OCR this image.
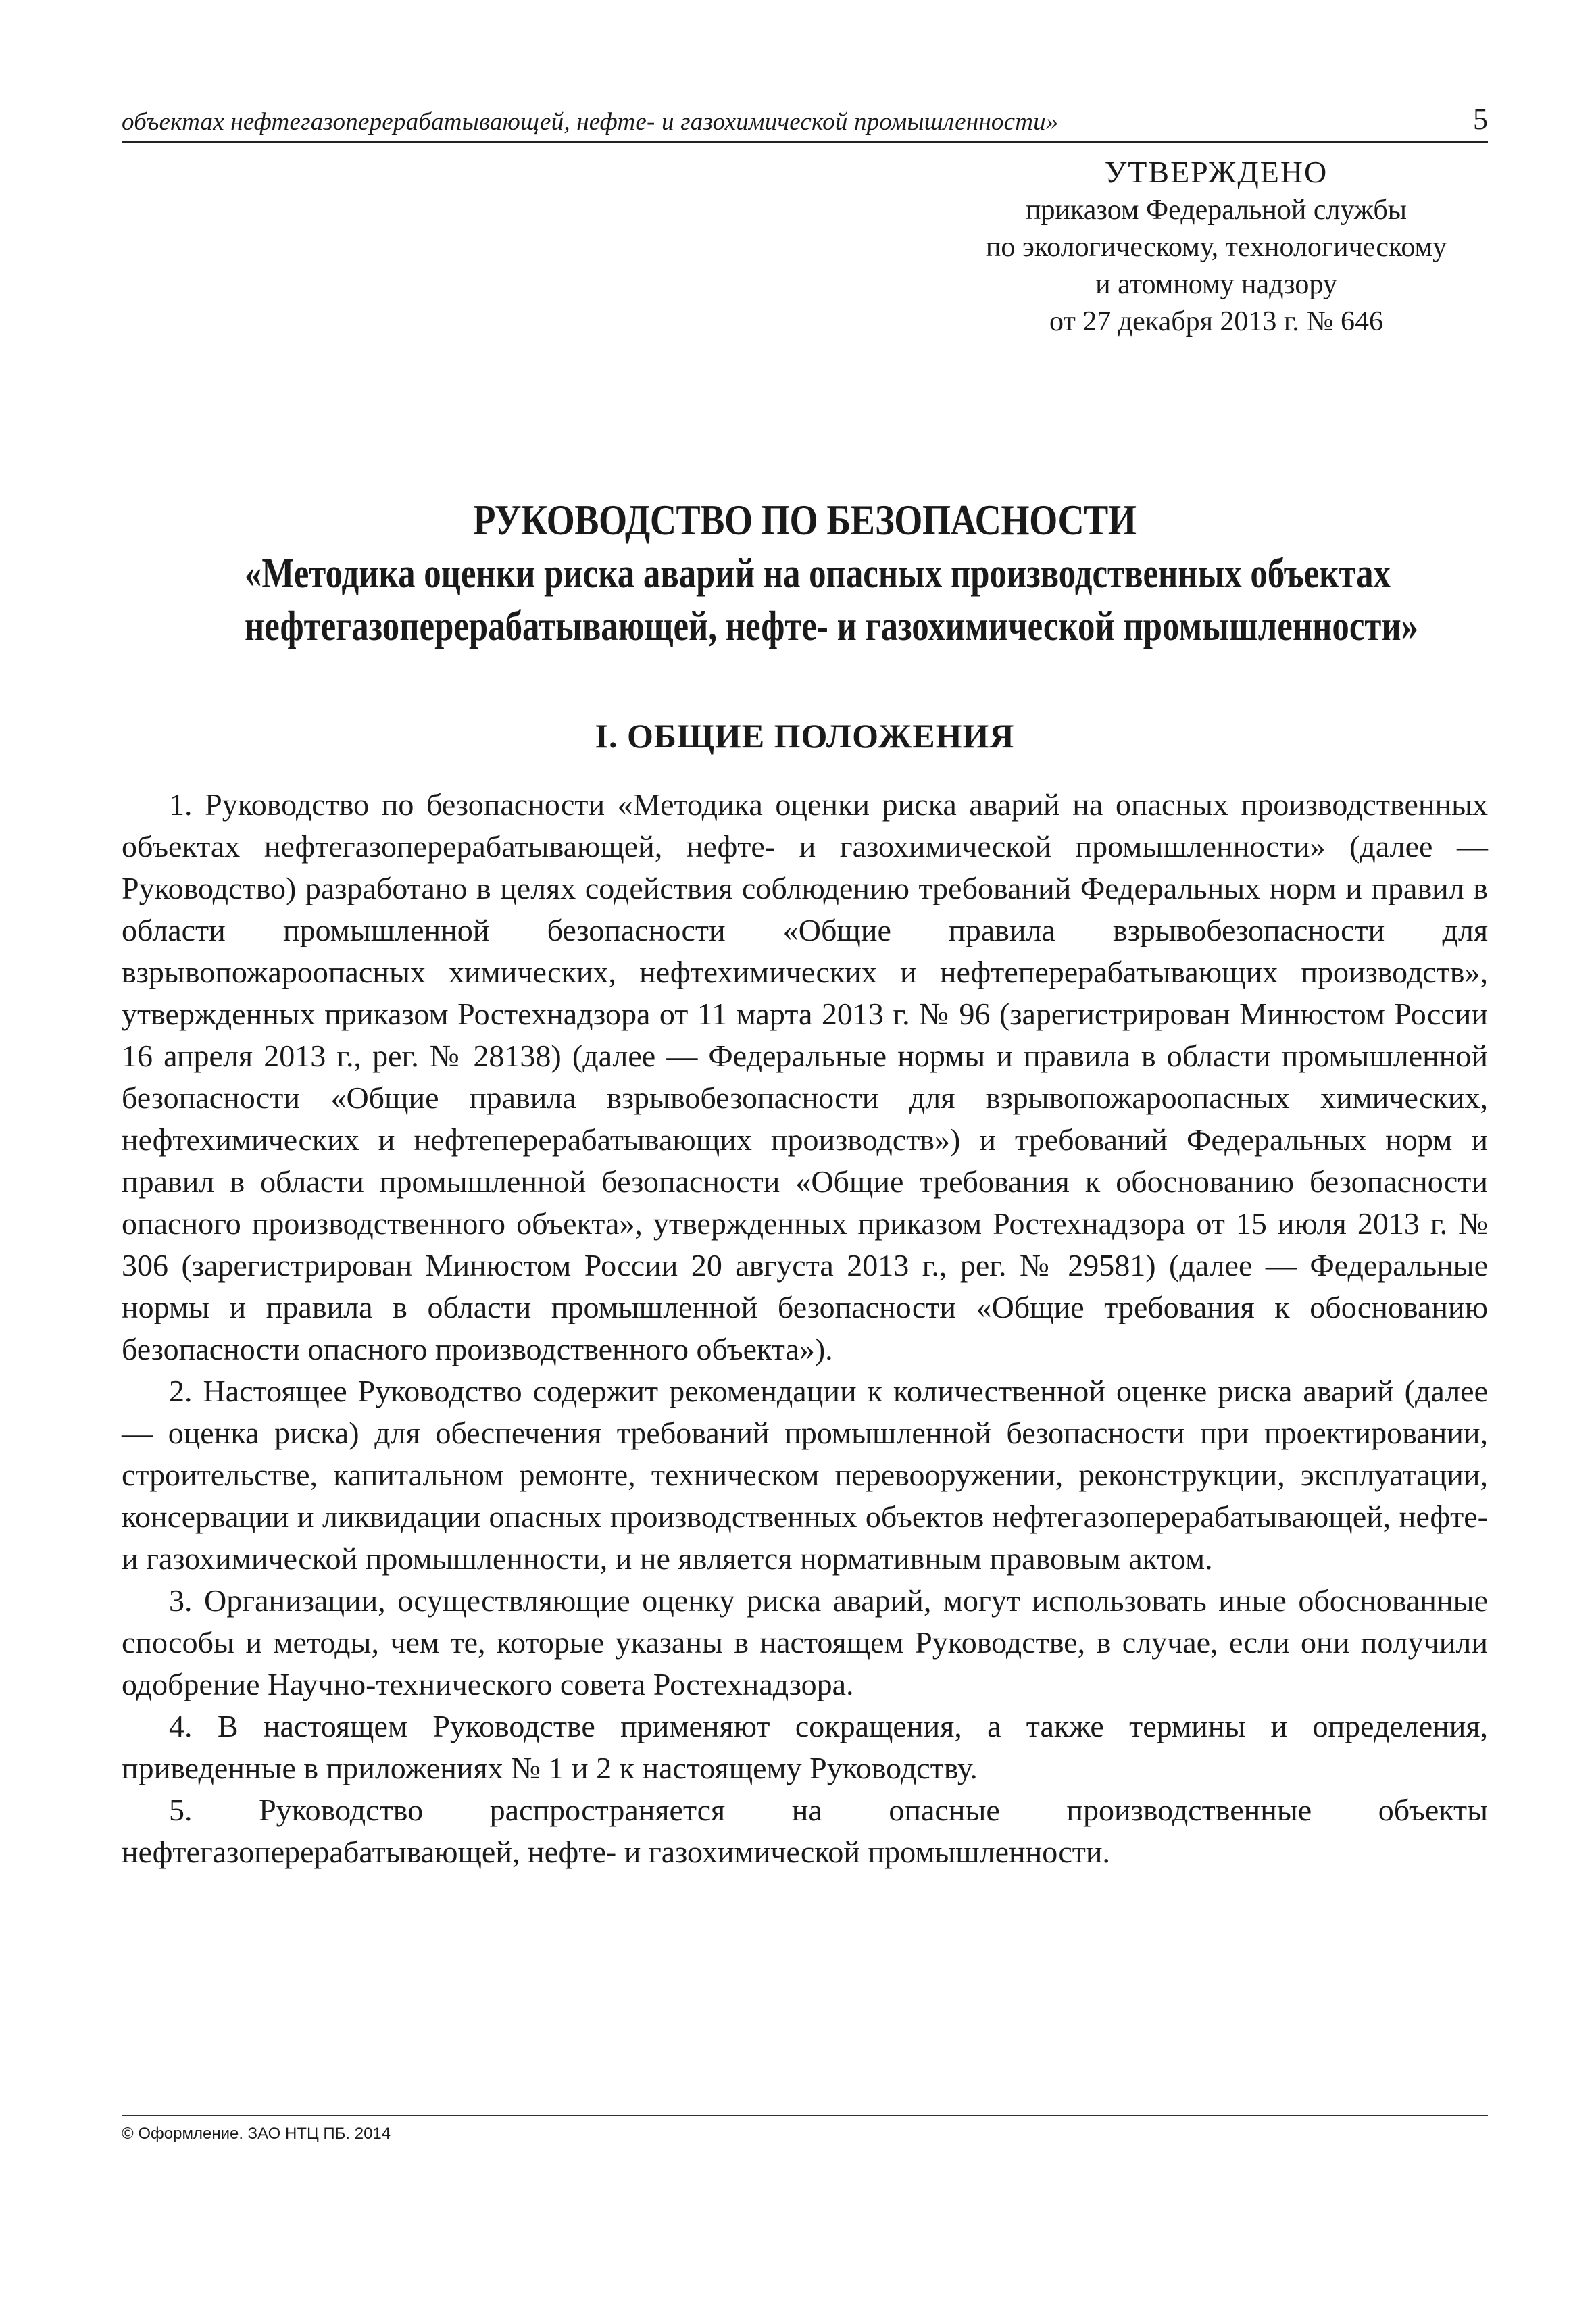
объектах нефтегазоперерабатывающей, нефте- и газохимической промышленности»	5
УТВЕРЖДЕНО
приказом Федеральной службы
по экологическому, технологическому
и атомному надзору
от 27 декабря 2013 г. № 646
РУКОВОДСТВО ПО БЕЗОПАСНОСТИ
«Методика оценки риска аварий на опасных производственных объектах
нефтегазоперерабатывающей, нефте- и газохимической промышленности»
I. ОБЩИЕ ПОЛОЖЕНИЯ

1. Руководство по безопасности «Методика оценки риска аварий на опасных производственных объектах нефтегазоперерабатывающей, нефте- и газохимической промышленности» (далее — Руководство) разработано в целях содействия соблюдению требований Федеральных норм и правил в области промышленной безопасности «Общие правила взрывобезопасности для взрывопожароопасных химических, нефтехимических и нефтеперерабатывающих производств», утвержденных приказом Ростехнадзора от 11 марта 2013 г. № 96 (зарегистрирован Минюстом России 16 апреля 2013 г., рег. № 28138) (далее — Федеральные нормы и правила в области промышленной безопасности «Общие правила взрывобезопасности для взрывопожароопасных химических, нефтехимических и нефтеперерабатывающих производств») и требований Федеральных норм и правил в области промышленной безопасности «Общие требования к обоснованию безопасности опасного производственного объекта», утвержденных приказом Ростехнадзора от 15 июля 2013 г. № 306 (зарегистрирован Минюстом России 20 августа 2013 г., рег. № 29581) (далее — Федеральные нормы и правила в области промышленной безопасности «Общие требования к обоснованию безопасности опасного производственного объекта»).

2. Настоящее Руководство содержит рекомендации к количественной оценке риска аварий (далее — оценка риска) для обеспечения требований промышленной безопасности при проектировании, строительстве, капитальном ремонте, техническом перевооружении, реконструкции, эксплуатации, консервации и ликвидации опасных производственных объектов нефтегазоперерабатывающей, нефте- и газохимической промышленности, и не является нормативным правовым актом.

3. Организации, осуществляющие оценку риска аварий, могут использовать иные обоснованные способы и методы, чем те, которые указаны в настоящем Руководстве, в случае, если они получили одобрение Научно-технического совета Ростехнадзора.

4. В настоящем Руководстве применяют сокращения, а также термины и определения, приведенные в приложениях № 1 и 2 к настоящему Руководству.

5. Руководство распространяется на опасные производственные объекты нефтегазоперерабатывающей, нефте- и газохимической промышленности.

© Оформление. ЗАО НТЦ ПБ. 2014
